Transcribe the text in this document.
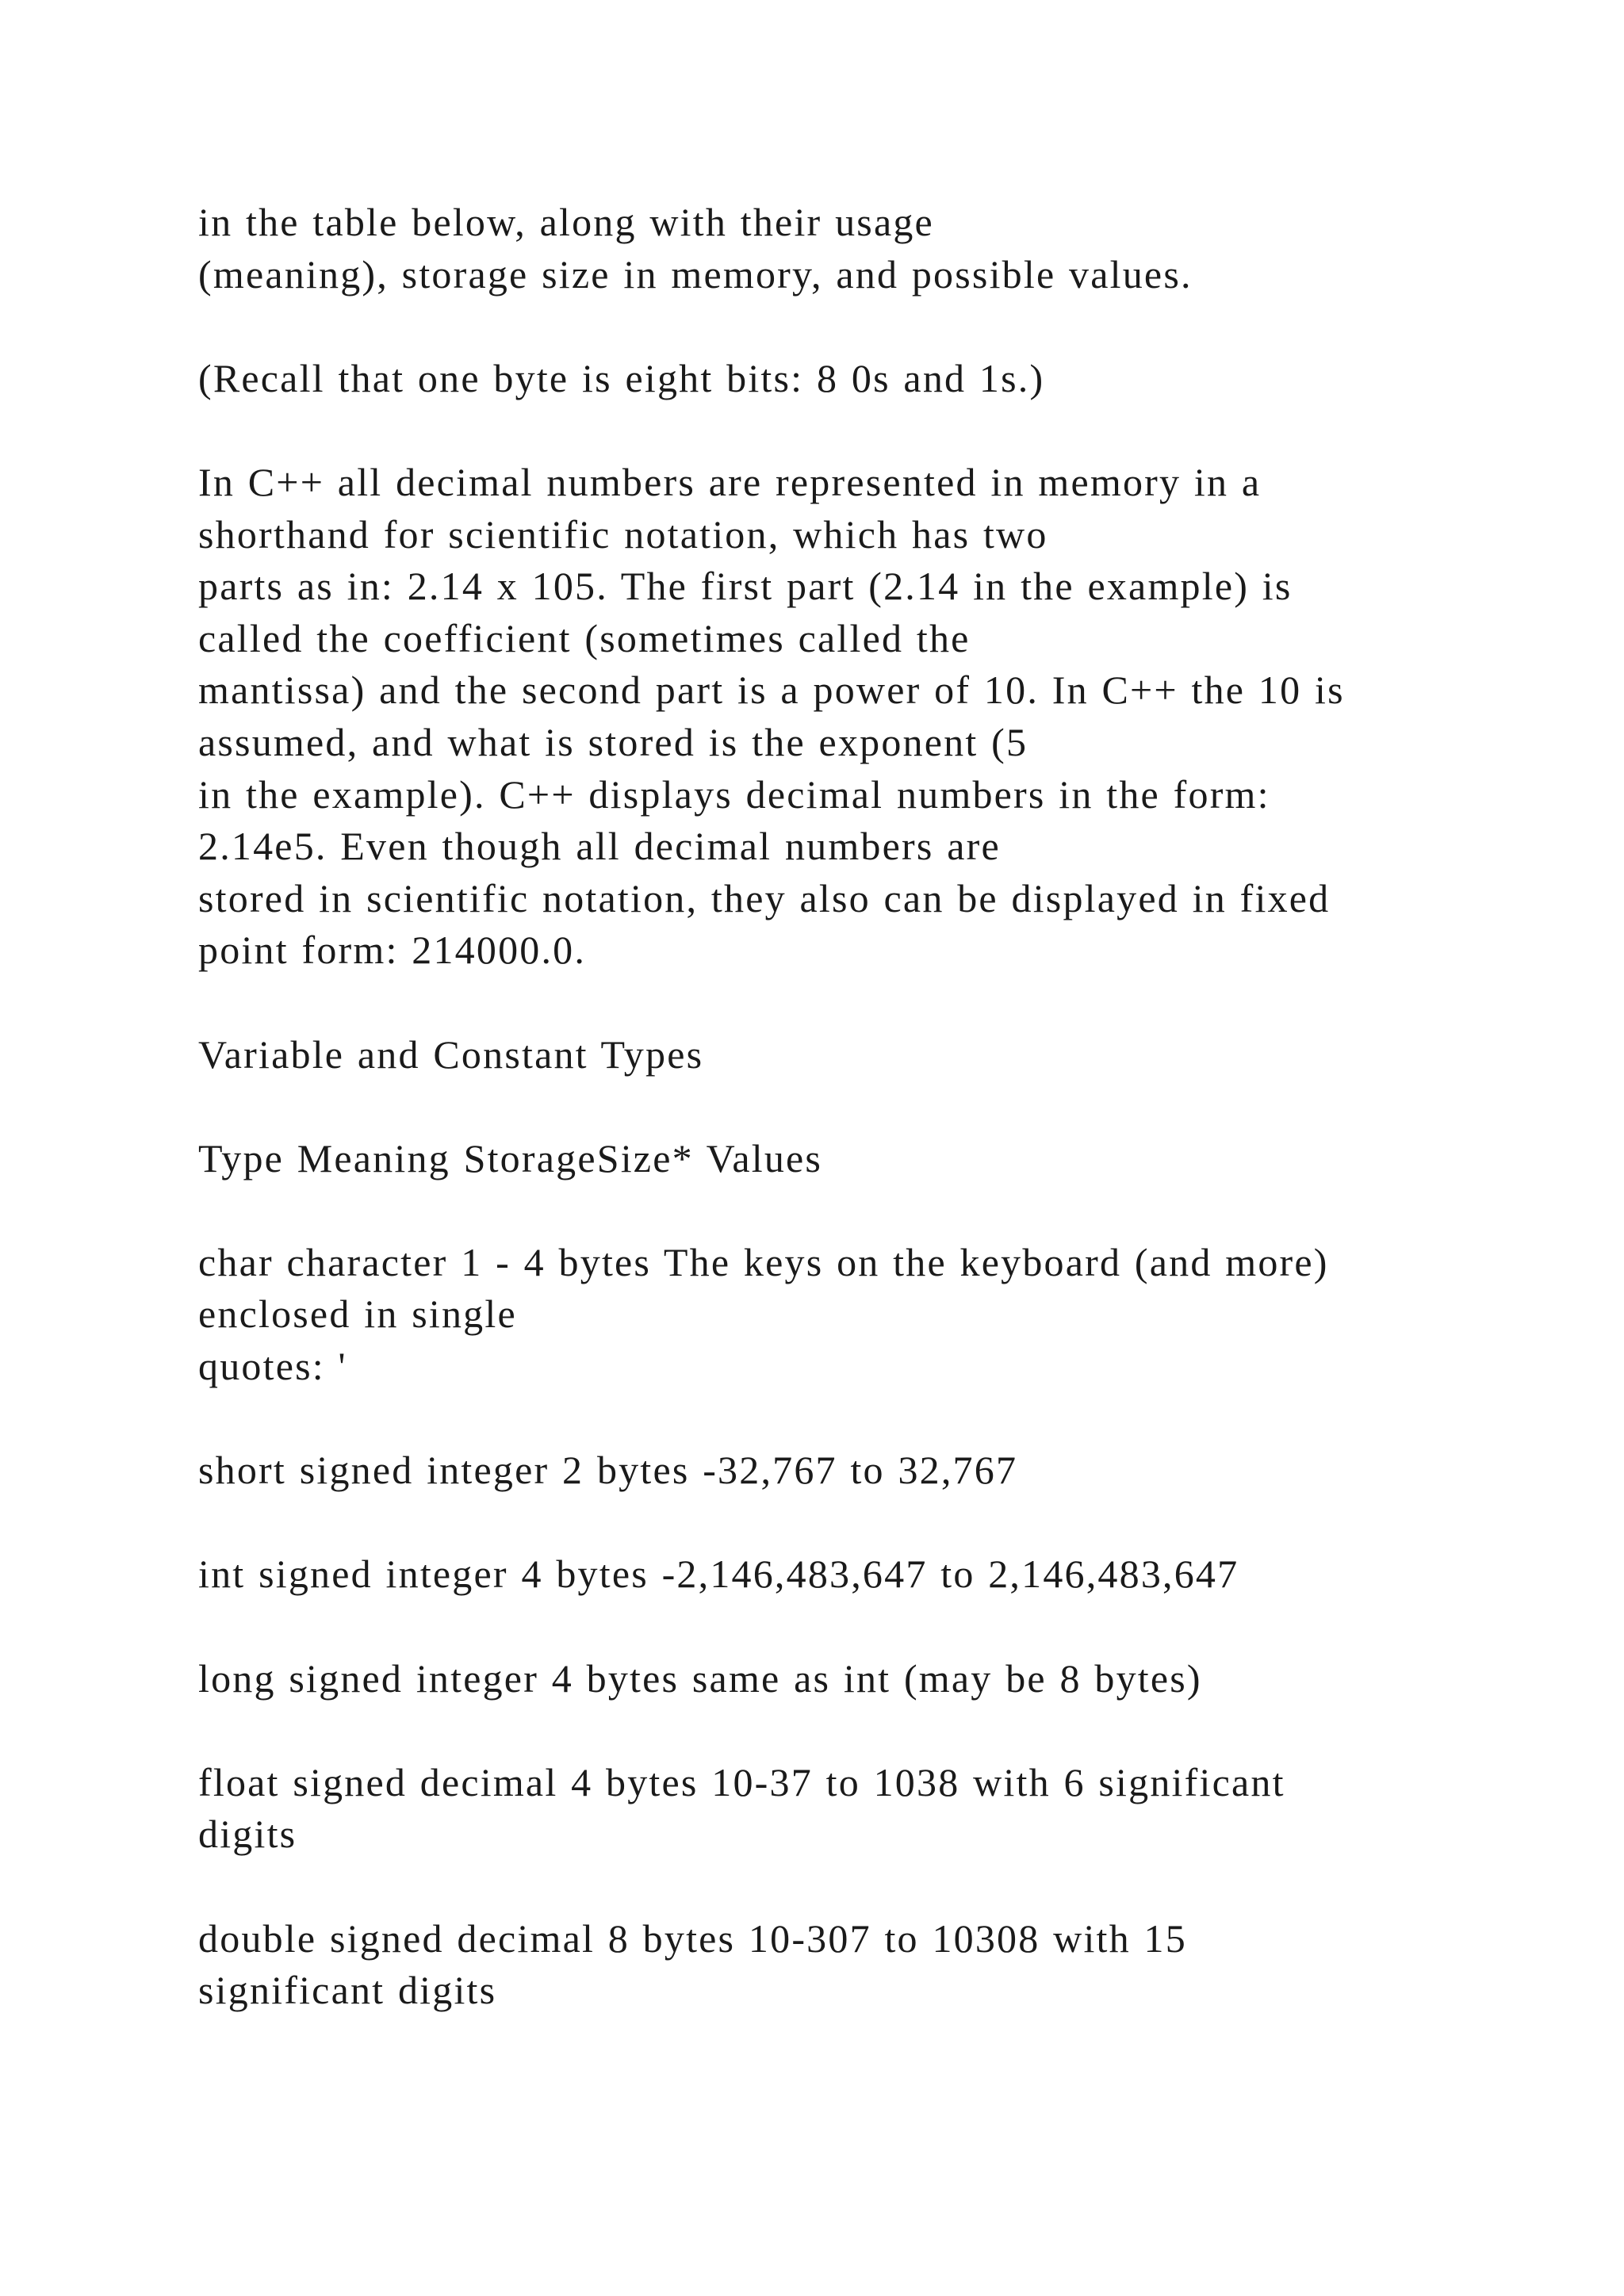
in the table below, along with their usage
(meaning), storage size in memory, and possible values.

(Recall that one byte is eight bits: 8 0s and 1s.)

In C++ all decimal numbers are represented in memory in a
shorthand for scientific notation, which has two
parts as in: 2.14 x 105. The first part (2.14 in the example) is
called the coefficient (sometimes called the
mantissa) and the second part is a power of 10. In C++ the 10 is
assumed, and what is stored is the exponent (5
in the example). C++ displays decimal numbers in the form:
2.14e5. Even though all decimal numbers are
stored in scientific notation, they also can be displayed in fixed
point form: 214000.0.

Variable and Constant Types

Type Meaning StorageSize* Values

char character 1 - 4 bytes The keys on the keyboard (and more)
enclosed in single
quotes: '

short signed integer 2 bytes -32,767 to 32,767

int signed integer 4 bytes -2,146,483,647 to 2,146,483,647

long signed integer 4 bytes same as int (may be 8 bytes)

float signed decimal 4 bytes 10-37 to 1038 with 6 significant
digits

double signed decimal 8 bytes 10-307 to 10308 with 15
significant digits
